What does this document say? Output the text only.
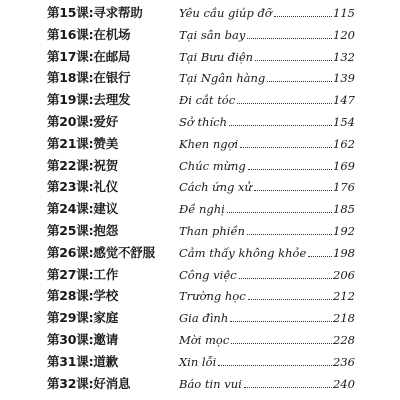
第15课:寻求帮助	Yêu cầu giúp đỡ	115
第16课:在机场	Tại sân bay	120
第17课:在邮局	Tại Bưu điện	132
第18课:在银行	Tại Ngân hàng	139
第19课:去理发	Đi cắt tóc	147
第20课:爱好	Sở thích	154
第21课:赞美	Khen ngợi	162
第22课:祝贺	Chúc mừng	169
第23课:礼仪	Cách ứng xử	176
第24课:建议	Đề nghị	185
第25课:抱怨	Than phiền	192
第26课:感觉不舒服 Cảm thấy không khỏe 198
第27课:工作	Công việc	206
第28课:学校	Trường học	212
第29课:家庭	Gia đình	218
第30课:邀请	Mời mọc	228
第31课:道歉	Xin lỗi	236
第32课:好消息	Báo tin vui	240
